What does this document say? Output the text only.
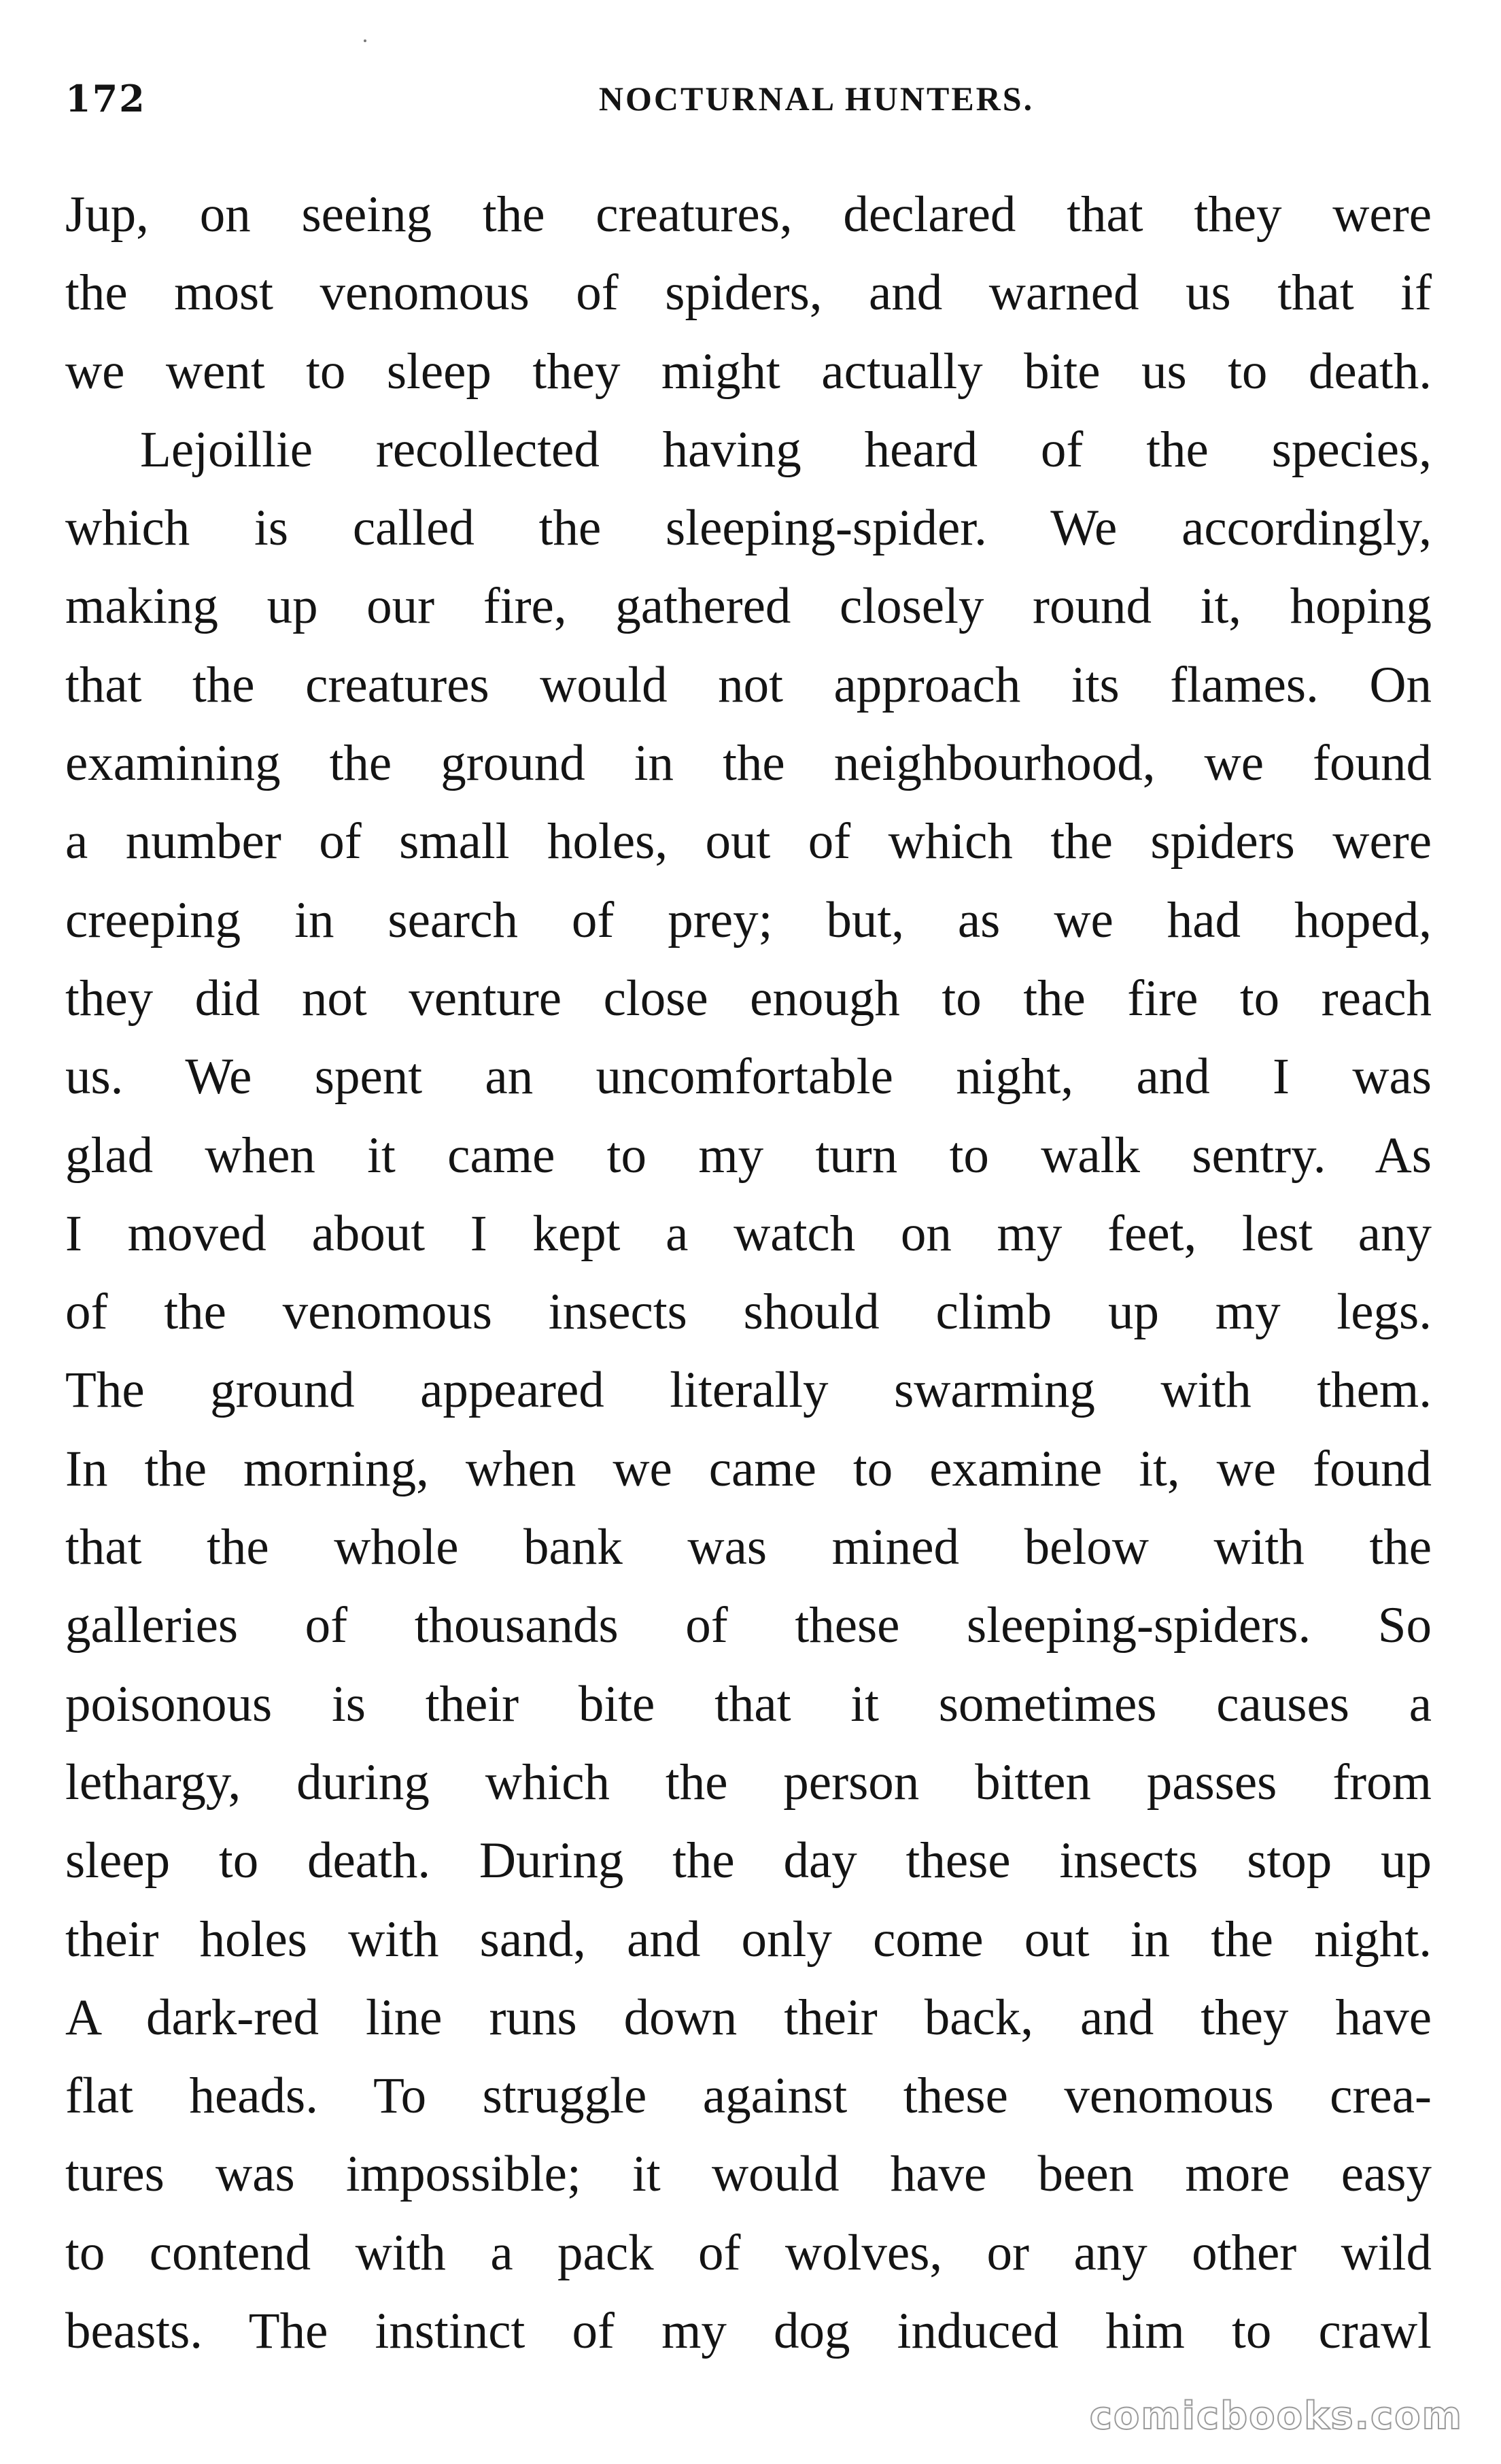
172	NOCTURNAL HUNTERS.
Jup, on seeing the creatures, declared that they were
the most venomous of spiders, and warned us that if
we went to sleep they might actually bite us to death.
Lejoillie recollected having heard of the species,
which is called the sleeping-spider. We accordingly,
making up our fire, gathered closely round it, hoping
that the creatures would not approach its flames. On
examining the ground in the neighbourhood, we found
a number of small holes, out of which the spiders were
creeping in search of prey; but, as we had hoped,
they did not venture close enough to the fire to reach
us. We spent an uncomfortable night, and I was
glad when it came to my turn to walk sentry. As
I moved about I kept a watch on my feet, lest any
of the venomous insects should climb up my legs.
The ground appeared literally swarming with them.
In the morning, when we came to examine it, we found
that the whole bank was mined below with the
galleries of thousands of these sleeping-spiders. So
poisonous is their bite that it sometimes causes a
lethargy, during which the person bitten passes from
sleep to death. During the day these insects stop up
their holes with sand, and only come out in the night.
A dark-red line runs down their back, and they have
flat heads. To struggle against these venomous crea-
tures was impossible; it would have been more easy
to contend with a pack of wolves, or any other wild
beasts. The instinct of my dog induced him to crawl
comicbooks.com
